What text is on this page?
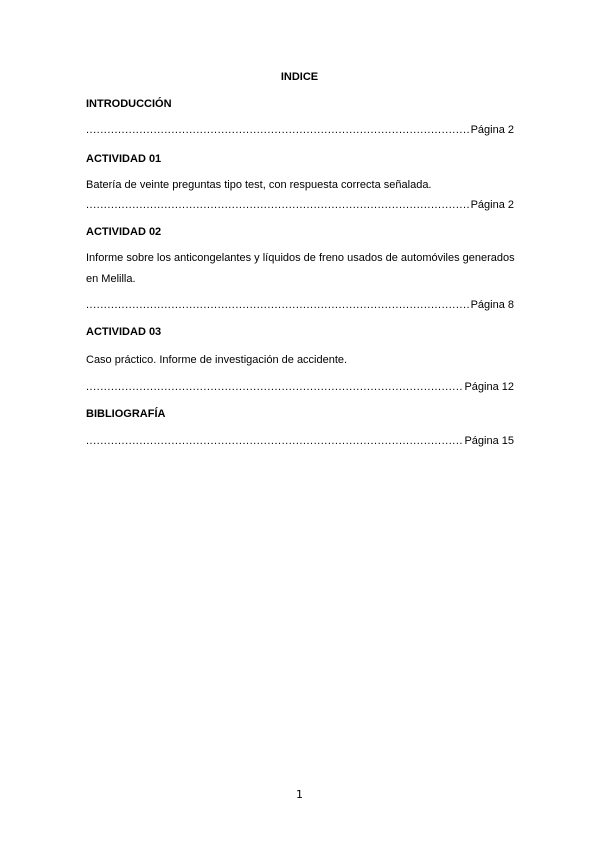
INDICE
INTRODUCCIÓN
.....
Página 2
ACTIVIDAD 01
Batería de veinte preguntas tipo test, con respuesta correcta señalada.
.....
Página 2
ACTIVIDAD 02
Informe sobre los anticongelantes y líquidos de freno usados de automóviles generados en Melilla.
.....
Página 8
ACTIVIDAD 03
Caso práctico. Informe de investigación de accidente.
.....
Página 12
BIBLIOGRAFÍA
.....
Página 15
1
